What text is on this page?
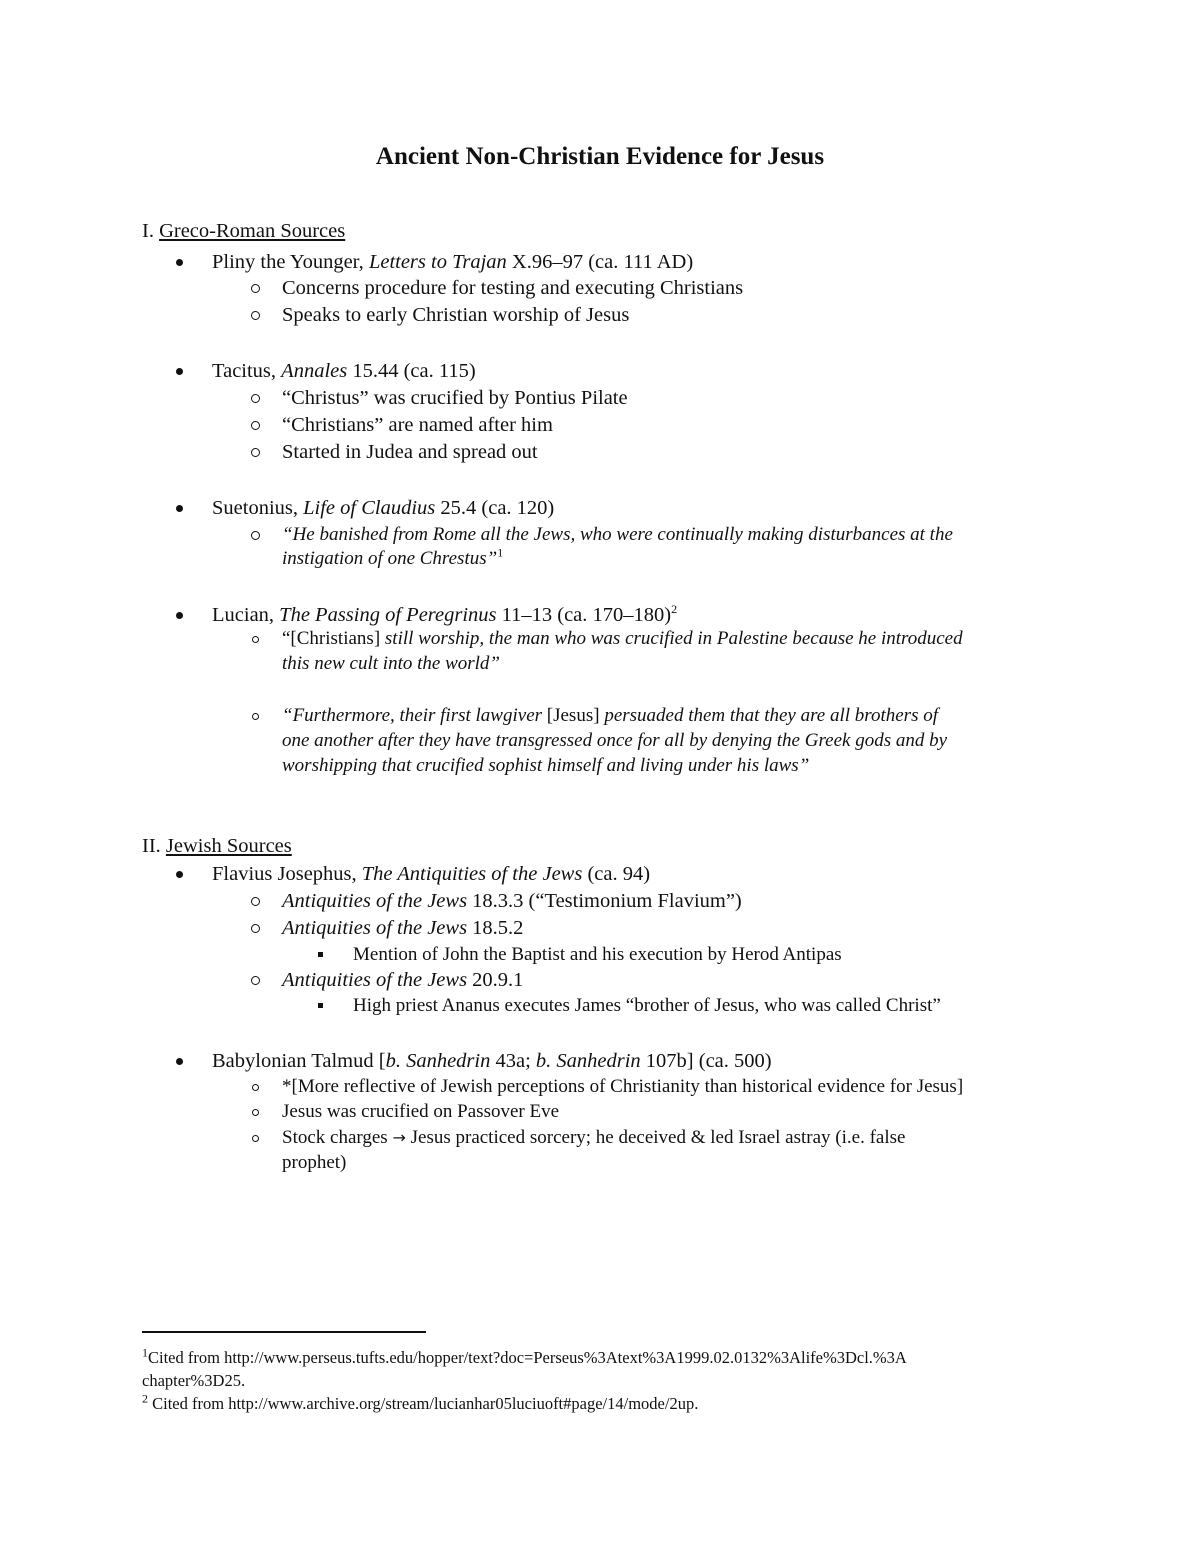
Ancient Non-Christian Evidence for Jesus
I. Greco-Roman Sources
Pliny the Younger, Letters to Trajan X.96–97 (ca. 111 AD)
Concerns procedure for testing and executing Christians
Speaks to early Christian worship of Jesus
Tacitus, Annales 15.44 (ca. 115)
“Christus” was crucified by Pontius Pilate
“Christians” are named after him
Started in Judea and spread out
Suetonius, Life of Claudius 25.4 (ca. 120)
“He banished from Rome all the Jews, who were continually making disturbances at the
instigation of one Chrestus”$^1$
Lucian, The Passing of Peregrinus 11–13 (ca. 170–180)$^2$
“[Christians] still worship, the man who was crucified in Palestine because he introduced
this new cult into the world”
“Furthermore, their first lawgiver [Jesus] persuaded them that they are all brothers of
one another after they have transgressed once for all by denying the Greek gods and by
worshipping that crucified sophist himself and living under his laws”
II. Jewish Sources
Flavius Josephus, The Antiquities of the Jews (ca. 94)
Antiquities of the Jews 18.3.3 (“Testimonium Flavium”)
Antiquities of the Jews 18.5.2
Mention of John the Baptist and his execution by Herod Antipas
Antiquities of the Jews 20.9.1
High priest Ananus executes James “brother of Jesus, who was called Christ”
Babylonian Talmud [b. Sanhedrin 43a; b. Sanhedrin 107b] (ca. 500)
*[More reflective of Jewish perceptions of Christianity than historical evidence for Jesus]
Jesus was crucified on Passover Eve
Stock charges → Jesus practiced sorcery; he deceived & led Israel astray (i.e. false
prophet)
$^1$Cited from http://www.perseus.tufts.edu/hopper/text?doc=Perseus%3Atext%3A1999.02.0132%3Alife%3Dcl.%3A
chapter%3D25.
$^2$ Cited from http://www.archive.org/stream/lucianhar05luciuoft#page/14/mode/2up.
